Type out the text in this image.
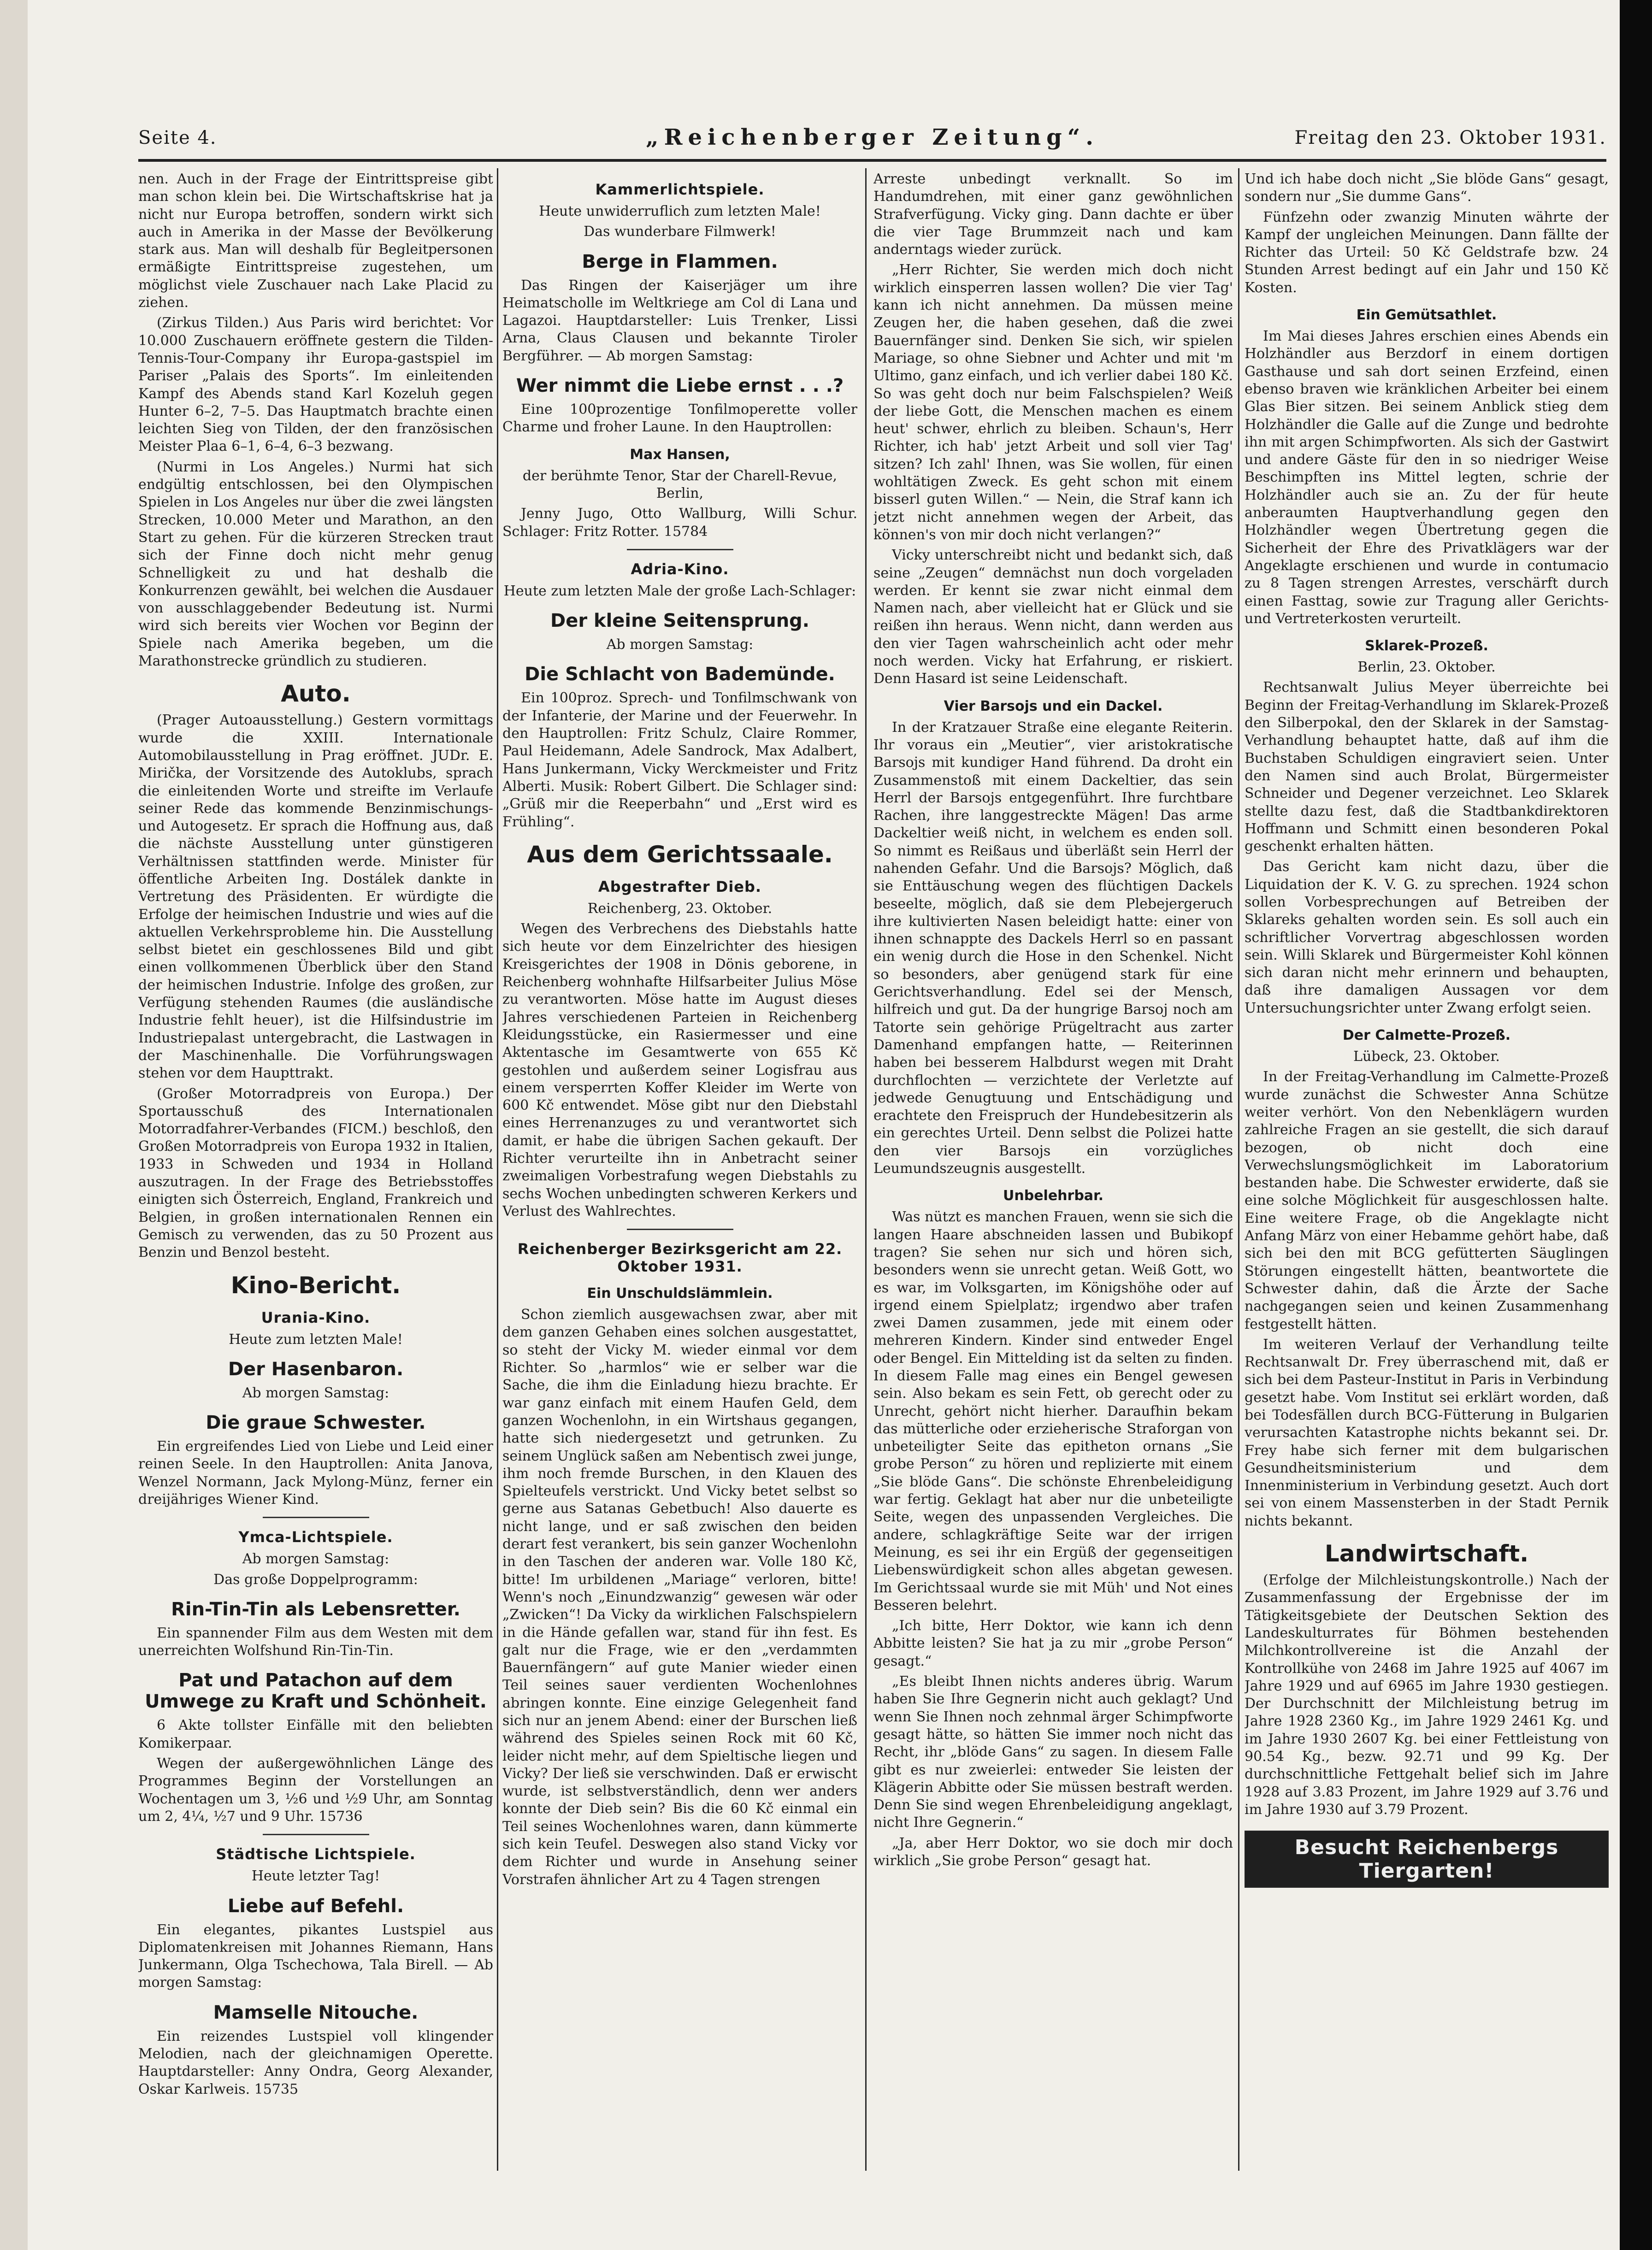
Seite 4.	„Reichenberger Zeitung“.	Freitag den 23. Oktober 1931.

nen. Auch in der Frage der Eintrittspreise gibt man schon klein bei. Die Wirtschaftskrise hat ja nicht nur Europa betroffen, sondern wirkt sich auch in Amerika in der Masse der Bevölkerung stark aus. Man will deshalb für Begleitpersonen ermäßigte Eintrittspreise zugestehen, um möglichst viele Zuschauer nach Lake Placid zu ziehen.

(Zirkus Tilden.) Aus Paris wird berichtet: Vor 10.000 Zuschauern eröffnete gestern die Tilden-Tennis-Tour-Company ihr Europa-gastspiel im Pariser „Palais des Sports“. Im einleitenden Kampf des Abends stand Karl Kozeluh gegen Hunter 6–2, 7–5. Das Hauptmatch brachte einen leichten Sieg von Tilden, der den französischen Meister Plaa 6–1, 6–4, 6–3 bezwang.

(Nurmi in Los Angeles.) Nurmi hat sich endgültig entschlossen, bei den Olympischen Spielen in Los Angeles nur über die zwei längsten Strecken, 10.000 Meter und Marathon, an den Start zu gehen. Für die kürzeren Strecken traut sich der Finne doch nicht mehr genug Schnelligkeit zu und hat deshalb die Konkurrenzen gewählt, bei welchen die Ausdauer von ausschlaggebender Bedeutung ist. Nurmi wird sich bereits vier Wochen vor Beginn der Spiele nach Amerika begeben, um die Marathonstrecke gründlich zu studieren.

Auto.

(Prager Autoausstellung.) Gestern vormittags wurde die XXIII. Internationale Automobilausstellung in Prag eröffnet. JUDr. E. Mirička, der Vorsitzende des Autoklubs, sprach die einleitenden Worte und streifte im Verlaufe seiner Rede das kommende Benzinmischungs- und Autogesetz. Er sprach die Hoffnung aus, daß die nächste Ausstellung unter günstigeren Verhältnissen stattfinden werde. Minister für öffentliche Arbeiten Ing. Dostálek dankte in Vertretung des Präsidenten. Er würdigte die Erfolge der heimischen Industrie und wies auf die aktuellen Verkehrsprobleme hin. Die Ausstellung selbst bietet ein geschlossenes Bild und gibt einen vollkommenen Überblick über den Stand der heimischen Industrie. Infolge des großen, zur Verfügung stehenden Raumes (die ausländische Industrie fehlt heuer), ist die Hilfsindustrie im Industriepalast untergebracht, die Lastwagen in der Maschinenhalle. Die Vorführungswagen stehen vor dem Haupttrakt.

(Großer Motorradpreis von Europa.) Der Sportausschuß des Internationalen Motorradfahrer-Verbandes (FICM.) beschloß, den Großen Motorradpreis von Europa 1932 in Italien, 1933 in Schweden und 1934 in Holland auszutragen. In der Frage des Betriebsstoffes einigten sich Österreich, England, Frankreich und Belgien, in großen internationalen Rennen ein Gemisch zu verwenden, das zu 50 Prozent aus Benzin und Benzol besteht.

Kino-Bericht.
Urania-Kino.

Heute zum letzten Male!

Der Hasenbaron.

Ab morgen Samstag:

Die graue Schwester.

Ein ergreifendes Lied von Liebe und Leid einer reinen Seele. In den Hauptrollen: Anita Janova, Wenzel Normann, Jack Mylong-Münz, ferner ein dreijähriges Wiener Kind.

Ymca-Lichtspiele.

Ab morgen Samstag:

Das große Doppelprogramm:

Rin-Tin-Tin als Lebensretter.

Ein spannender Film aus dem Westen mit dem unerreichten Wolfshund Rin-Tin-Tin.

Pat und Patachon auf dem Umwege zu Kraft und Schönheit.

6 Akte tollster Einfälle mit den beliebten Komikerpaar.

Wegen der außergewöhnlichen Länge des Programmes Beginn der Vorstellungen an Wochentagen um 3, ½6 und ½9 Uhr, am Sonntag um 2, 4¼, ½7 und 9 Uhr. 15736

Städtische Lichtspiele.

Heute letzter Tag!

Liebe auf Befehl.

Ein elegantes, pikantes Lustspiel aus Diplomatenkreisen mit Johannes Riemann, Hans Junkermann, Olga Tschechowa, Tala Birell. — Ab morgen Samstag:

Mamselle Nitouche.

Ein reizendes Lustspiel voll klingender Melodien, nach der gleichnamigen Operette. Hauptdarsteller: Anny Ondra, Georg Alexander, Oskar Karlweis. 15735

Kammerlichtspiele.

Heute unwiderruflich zum letzten Male!

Das wunderbare Filmwerk!

Berge in Flammen.

Das Ringen der Kaiserjäger um ihre Heimatscholle im Weltkriege am Col di Lana und Lagazoi. Hauptdarsteller: Luis Trenker, Lissi Arna, Claus Clausen und bekannte Tiroler Bergführer. — Ab morgen Samstag:

Wer nimmt die Liebe ernst . . .?

Eine 100prozentige Tonfilmoperette voller Charme und froher Laune. In den Hauptrollen:

Max Hansen,

der berühmte Tenor, Star der Charell-Revue, Berlin,

Jenny Jugo, Otto Wallburg, Willi Schur. Schlager: Fritz Rotter. 15784

Adria-Kino.

Heute zum letzten Male der große Lach-Schlager:

Der kleine Seitensprung.

Ab morgen Samstag:

Die Schlacht von Bademünde.

Ein 100proz. Sprech- und Tonfilmschwank von der Infanterie, der Marine und der Feuerwehr. In den Hauptrollen: Fritz Schulz, Claire Rommer, Paul Heidemann, Adele Sandrock, Max Adalbert, Hans Junkermann, Vicky Werckmeister und Fritz Alberti. Musik: Robert Gilbert. Die Schlager sind: „Grüß mir die Reeperbahn“ und „Erst wird es Frühling“.

Aus dem Gerichtssaale.
Abgestrafter Dieb.

Reichenberg, 23. Oktober.

Wegen des Verbrechens des Diebstahls hatte sich heute vor dem Einzelrichter des hiesigen Kreisgerichtes der 1908 in Dönis geborene, in Reichenberg wohnhafte Hilfsarbeiter Julius Möse zu verantworten. Möse hatte im August dieses Jahres verschiedenen Parteien in Reichenberg Kleidungsstücke, ein Rasiermesser und eine Aktentasche im Gesamtwerte von 655 Kč gestohlen und außerdem seiner Logisfrau aus einem versperrten Koffer Kleider im Werte von 600 Kč entwendet. Möse gibt nur den Diebstahl eines Herrenanzuges zu und verantwortet sich damit, er habe die übrigen Sachen gekauft. Der Richter verurteilte ihn in Anbetracht seiner zweimaligen Vorbestrafung wegen Diebstahls zu sechs Wochen unbedingten schweren Kerkers und Verlust des Wahlrechtes.

Reichenberger Bezirksgericht am 22. Oktober 1931.
Ein Unschuldslämmlein.

Schon ziemlich ausgewachsen zwar, aber mit dem ganzen Gehaben eines solchen ausgestattet, so steht der Vicky M. wieder einmal vor dem Richter. So „harmlos“ wie er selber war die Sache, die ihm die Einladung hiezu brachte. Er war ganz einfach mit einem Haufen Geld, dem ganzen Wochenlohn, in ein Wirtshaus gegangen, hatte sich niedergesetzt und getrunken. Zu seinem Unglück saßen am Nebentisch zwei junge, ihm noch fremde Burschen, in den Klauen des Spielteufels verstrickt. Und Vicky betet selbst so gerne aus Satanas Gebetbuch! Also dauerte es nicht lange, und er saß zwischen den beiden derart fest verankert, bis sein ganzer Wochenlohn in den Taschen der anderen war. Volle 180 Kč, bitte! Im urbildenen „Mariage“ verloren, bitte! Wenn's noch „Einundzwanzig“ gewesen wär oder „Zwicken“! Da Vicky da wirklichen Falschspielern in die Hände gefallen war, stand für ihn fest. Es galt nur die Frage, wie er den „verdammten Bauernfängern“ auf gute Manier wieder einen Teil seines sauer verdienten Wochenlohnes abringen konnte. Eine einzige Gelegenheit fand sich nur an jenem Abend: einer der Burschen ließ während des Spieles seinen Rock mit 60 Kč, leider nicht mehr, auf dem Spieltische liegen und Vicky? Der ließ sie verschwinden. Daß er erwischt wurde, ist selbstverständlich, denn wer anders konnte der Dieb sein? Bis die 60 Kč einmal ein Teil seines Wochenlohnes waren, dann kümmerte sich kein Teufel. Deswegen also stand Vicky vor dem Richter und wurde in Ansehung seiner Vorstrafen ähnlicher Art zu 4 Tagen strengen

Arreste unbedingt verknallt. So im Handumdrehen, mit einer ganz gewöhnlichen Strafverfügung. Vicky ging. Dann dachte er über die vier Tage Brummzeit nach und kam anderntags wieder zurück.

„Herr Richter, Sie werden mich doch nicht wirklich einsperren lassen wollen? Die vier Tag' kann ich nicht annehmen. Da müssen meine Zeugen her, die haben gesehen, daß die zwei Bauernfänger sind. Denken Sie sich, wir spielen Mariage, so ohne Siebner und Achter und mit 'm Ultimo, ganz einfach, und ich verlier dabei 180 Kč. So was geht doch nur beim Falschspielen? Weiß der liebe Gott, die Menschen machen es einem heut' schwer, ehrlich zu bleiben. Schaun's, Herr Richter, ich hab' jetzt Arbeit und soll vier Tag' sitzen? Ich zahl' Ihnen, was Sie wollen, für einen wohltätigen Zweck. Es geht schon mit einem bisserl guten Willen.“ — Nein, die Straf kann ich jetzt nicht annehmen wegen der Arbeit, das können's von mir doch nicht verlangen?“

Vicky unterschreibt nicht und bedankt sich, daß seine „Zeugen“ demnächst nun doch vorgeladen werden. Er kennt sie zwar nicht einmal dem Namen nach, aber vielleicht hat er Glück und sie reißen ihn heraus. Wenn nicht, dann werden aus den vier Tagen wahrscheinlich acht oder mehr noch werden. Vicky hat Erfahrung, er riskiert. Denn Hasard ist seine Leidenschaft.

Vier Barsojs und ein Dackel.

In der Kratzauer Straße eine elegante Reiterin. Ihr voraus ein „Meutier“, vier aristokratische Barsojs mit kundiger Hand führend. Da droht ein Zusammenstoß mit einem Dackeltier, das sein Herrl der Barsojs entgegenführt. Ihre furchtbare Rachen, ihre langgestreckte Mägen! Das arme Dackeltier weiß nicht, in welchem es enden soll. So nimmt es Reißaus und überläßt sein Herrl der nahenden Gefahr. Und die Barsojs? Möglich, daß sie Enttäuschung wegen des flüchtigen Dackels beseelte, möglich, daß sie dem Plebejergeruch ihre kultivierten Nasen beleidigt hatte: einer von ihnen schnappte des Dackels Herrl so en passant ein wenig durch die Hose in den Schenkel. Nicht so besonders, aber genügend stark für eine Gerichtsverhandlung. Edel sei der Mensch, hilfreich und gut. Da der hungrige Barsoj noch am Tatorte sein gehörige Prügeltracht aus zarter Damenhand empfangen hatte, — Reiterinnen haben bei besserem Halbdurst wegen mit Draht durchflochten — verzichtete der Verletzte auf jedwede Genugtuung und Entschädigung und erachtete den Freispruch der Hundebesitzerin als ein gerechtes Urteil. Denn selbst die Polizei hatte den vier Barsojs ein vorzügliches Leumundszeugnis ausgestellt.

Unbelehrbar.

Was nützt es manchen Frauen, wenn sie sich die langen Haare abschneiden lassen und Bubikopf tragen? Sie sehen nur sich und hören sich, besonders wenn sie unrecht getan. Weiß Gott, wo es war, im Volksgarten, im Königshöhe oder auf irgend einem Spielplatz; irgendwo aber trafen zwei Damen zusammen, jede mit einem oder mehreren Kindern. Kinder sind entweder Engel oder Bengel. Ein Mittelding ist da selten zu finden. In diesem Falle mag eines ein Bengel gewesen sein. Also bekam es sein Fett, ob gerecht oder zu Unrecht, gehört nicht hierher. Daraufhin bekam das mütterliche oder erzieherische Straforgan von unbeteiligter Seite das epitheton ornans „Sie grobe Person“ zu hören und replizierte mit einem „Sie blöde Gans“. Die schönste Ehrenbeleidigung war fertig. Geklagt hat aber nur die unbeteiligte Seite, wegen des unpassenden Vergleiches. Die andere, schlagkräftige Seite war der irrigen Meinung, es sei ihr ein Ergüß der gegenseitigen Liebenswürdigkeit schon alles abgetan gewesen. Im Gerichtssaal wurde sie mit Müh' und Not eines Besseren belehrt.

„Ich bitte, Herr Doktor, wie kann ich denn Abbitte leisten? Sie hat ja zu mir „grobe Person“ gesagt.“

„Es bleibt Ihnen nichts anderes übrig. Warum haben Sie Ihre Gegnerin nicht auch geklagt? Und wenn Sie Ihnen noch zehnmal ärger Schimpfworte gesagt hätte, so hätten Sie immer noch nicht das Recht, ihr „blöde Gans“ zu sagen. In diesem Falle gibt es nur zweierlei: entweder Sie leisten der Klägerin Abbitte oder Sie müssen bestraft werden. Denn Sie sind wegen Ehrenbeleidigung angeklagt, nicht Ihre Gegnerin.“

„Ja, aber Herr Doktor, wo sie doch mir doch wirklich „Sie grobe Person“ gesagt hat.

Und ich habe doch nicht „Sie blöde Gans“ gesagt, sondern nur „Sie dumme Gans“.

Fünfzehn oder zwanzig Minuten währte der Kampf der ungleichen Meinungen. Dann fällte der Richter das Urteil: 50 Kč Geldstrafe bzw. 24 Stunden Arrest bedingt auf ein Jahr und 150 Kč Kosten.

Ein Gemütsathlet.

Im Mai dieses Jahres erschien eines Abends ein Holzhändler aus Berzdorf in einem dortigen Gasthause und sah dort seinen Erzfeind, einen ebenso braven wie kränklichen Arbeiter bei einem Glas Bier sitzen. Bei seinem Anblick stieg dem Holzhändler die Galle auf die Zunge und bedrohte ihn mit argen Schimpfworten. Als sich der Gastwirt und andere Gäste für den in so niedriger Weise Beschimpften ins Mittel legten, schrie der Holzhändler auch sie an. Zu der für heute anberaumten Hauptverhandlung gegen den Holzhändler wegen Übertretung gegen die Sicherheit der Ehre des Privatklägers war der Angeklagte erschienen und wurde in contumacio zu 8 Tagen strengen Arrestes, verschärft durch einen Fasttag, sowie zur Tragung aller Gerichts- und Vertreterkosten verurteilt.

Sklarek-Prozeß.

Berlin, 23. Oktober.

Rechtsanwalt Julius Meyer überreichte bei Beginn der Freitag-Verhandlung im Sklarek-Prozeß den Silberpokal, den der Sklarek in der Samstag-Verhandlung behauptet hatte, daß auf ihm die Buchstaben Schuldigen eingraviert seien. Unter den Namen sind auch Brolat, Bürgermeister Schneider und Degener verzeichnet. Leo Sklarek stellte dazu fest, daß die Stadtbankdirektoren Hoffmann und Schmitt einen besonderen Pokal geschenkt erhalten hätten.

Das Gericht kam nicht dazu, über die Liquidation der K. V. G. zu sprechen. 1924 schon sollen Vorbesprechungen auf Betreiben der Sklareks gehalten worden sein. Es soll auch ein schriftlicher Vorvertrag abgeschlossen worden sein. Willi Sklarek und Bürgermeister Kohl können sich daran nicht mehr erinnern und behaupten, daß ihre damaligen Aussagen vor dem Untersuchungsrichter unter Zwang erfolgt seien.

Der Calmette-Prozeß.

Lübeck, 23. Oktober.

In der Freitag-Verhandlung im Calmette-Prozeß wurde zunächst die Schwester Anna Schütze weiter verhört. Von den Nebenklägern wurden zahlreiche Fragen an sie gestellt, die sich darauf bezogen, ob nicht doch eine Verwechslungsmöglichkeit im Laboratorium bestanden habe. Die Schwester erwiderte, daß sie eine solche Möglichkeit für ausgeschlossen halte. Eine weitere Frage, ob die Angeklagte nicht Anfang März von einer Hebamme gehört habe, daß sich bei den mit BCG gefütterten Säuglingen Störungen eingestellt hätten, beantwortete die Schwester dahin, daß die Ärzte der Sache nachgegangen seien und keinen Zusammenhang festgestellt hätten.

Im weiteren Verlauf der Verhandlung teilte Rechtsanwalt Dr. Frey überraschend mit, daß er sich bei dem Pasteur-Institut in Paris in Verbindung gesetzt habe. Vom Institut sei erklärt worden, daß bei Todesfällen durch BCG-Fütterung in Bulgarien verursachten Katastrophe nichts bekannt sei. Dr. Frey habe sich ferner mit dem bulgarischen Gesundheitsministerium und dem Innenministerium in Verbindung gesetzt. Auch dort sei von einem Massensterben in der Stadt Pernik nichts bekannt.

Landwirtschaft.

(Erfolge der Milchleistungskontrolle.) Nach der Zusammenfassung der Ergebnisse der im Tätigkeitsgebiete der Deutschen Sektion des Landeskulturrates für Böhmen bestehenden Milchkontrollvereine ist die Anzahl der Kontrollkühe von 2468 im Jahre 1925 auf 4067 im Jahre 1929 und auf 6965 im Jahre 1930 gestiegen. Der Durchschnitt der Milchleistung betrug im Jahre 1928 2360 Kg., im Jahre 1929 2461 Kg. und im Jahre 1930 2607 Kg. bei einer Fettleistung von 90.54 Kg., bezw. 92.71 und 99 Kg. Der durchschnittliche Fettgehalt belief sich im Jahre 1928 auf 3.83 Prozent, im Jahre 1929 auf 3.76 und im Jahre 1930 auf 3.79 Prozent.

Besucht Reichenbergs Tiergarten!
